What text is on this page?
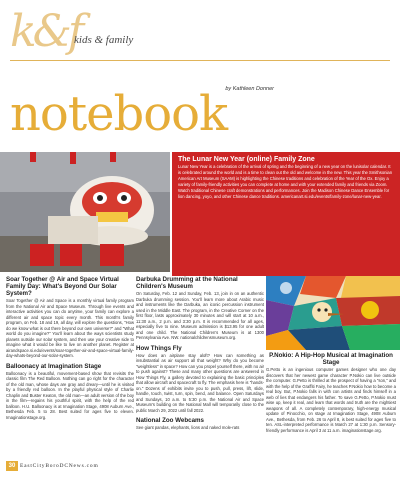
k&f
kids & family
by Kathleen Donner
notebook
The Lunar New Year (online) Family Zone

Lunar New Year is a celebration of the arrival of spring and the beginning of a new year on the lunisolar calendar. It is celebrated around the world and is a time to clean out the old and welcome in the new. This year the Smithsonian American Art Museum (SAAM) is highlighting the Chinese traditions and celebration of the Year of the Ox. Enjoy a variety of family-friendly activities you can complete at home and with your extended family and friends via Zoom. Watch traditional Chinese craft demonstrations and performances. Join the Madison Chinese Dance Ensemble for lion dancing, yoyo, and other Chinese dance traditions. americanart.si.edu/events/family-zone/lunar-new-year.

Soar Together @ Air and Space Virtual Family Day: What's Beyond Our Solar System?

Soar Together @ Air and Space is a monthly virtual family program from the National Air and Space Museum. Through live events and interactive activities you can do anytime, your family can explore a different air and space topic every month. This month's family program, on Feb. 18 and 19, all day, will explore the questions, "How do we know what is out there beyond our own universe?" and "What world do you imagine?" You'll learn about the ways scientists study planets outside our solar system, and then use your creative side to imagine what it would be like to live on another planet. Register at airandspace.si.edu/events/soar-together-air-and-space-virtual-family-day-whats-beyond-our-solar-system.

Balloonacy at Imagination Stage

Balloonacy is a beautiful, movement-based show that revisits the classic film The Red Balloon. Nothing can go right for the character of the old man, whose days are gray and dreary—until he is visited by a friendly red balloon. In the playful physical style of Charlie Chaplin and Buster Keaton, the old man—an adult version of the boy in the film—regains his youthful spirit, with the help of the red balloon. H.U. Balloonacy is at Imagination Stage, 4908 Auburn Ave., Bethesda Feb. 5 to 28. Best suited for ages five to eleven. Imaginationstage.org.

Darbuka Drumming at the National Children's Museum

On Saturday, Feb. 12 and Sunday, Feb. 13, join in on an authentic Darbuka drumming session. You'll learn more about Arabic music and instruments like the Darbuka, an iconic percussion instrument used in the Middle East. The program, in the Creative Corner on the first floor, lasts approximately 30 minutes and will start at 10 a.m., 11:30 a.m., 2 p.m. and 3:30 p.m. It is recommended for all ages, especially five to nine. Museum admission is $13.95 for one adult and one child. The National Children's Museum is at 1300 Pennsylvania Ave. NW. nationalchildrensmuseum.org.

How Things Fly

How does an airplane stay aloft? How can something as insubstantial as air support all that weight? Why do you become "weightless" in space? How can you propel yourself there, with no air to push against? These and many other questions are answered in How Things Fly, a gallery devoted to explaining the basic principles that allow aircraft and spacecraft to fly. The emphasis here is "hands-on." Dozens of exhibits invite you to push, pull, press, lift, slide, handle, touch, twist, turn, spin, bend, and balance. Open Saturdays and Sundays, 10 a.m. to 5:30 p.m. the National Air and Space Museum's building on the National Mall will temporarily close to the public March 29, 2022 until fall 2022.

National Zoo Webcams

See giant pandas, elephants, lions and naked mole-rats

P.Nokio: A Hip-Hop Musical at Imagination Stage

G.Petto is an ingenious computer games designer who one day discovers that her newest game character P.Nokio can live outside the computer. G.Petto is thrilled at the prospect of having a "son," and with the help of the Graffiti Fairy, he teaches P.Nokio how to become a real boy. But, P.Nokio falls in with con artists and finds himself in a web of lies that endangers his father. To save G.Petto, P.Nokio must wise up, keep it real, and learn that words and truth are the mightiest weapons of all. A completely contemporary, high-energy musical update of Pinocchio, on stage at Imagination Stage, 4908 Auburn Ave., Bethesda, from Feb. 26 to April 8, is best suited for ages five to ten. ASL-interpreted performance is March 27 at 1:30 p.m. Sensory-friendly performance is April 3 at 11 a.m. imaginationstage.org.

30 EastCityBoroDCNews.com
